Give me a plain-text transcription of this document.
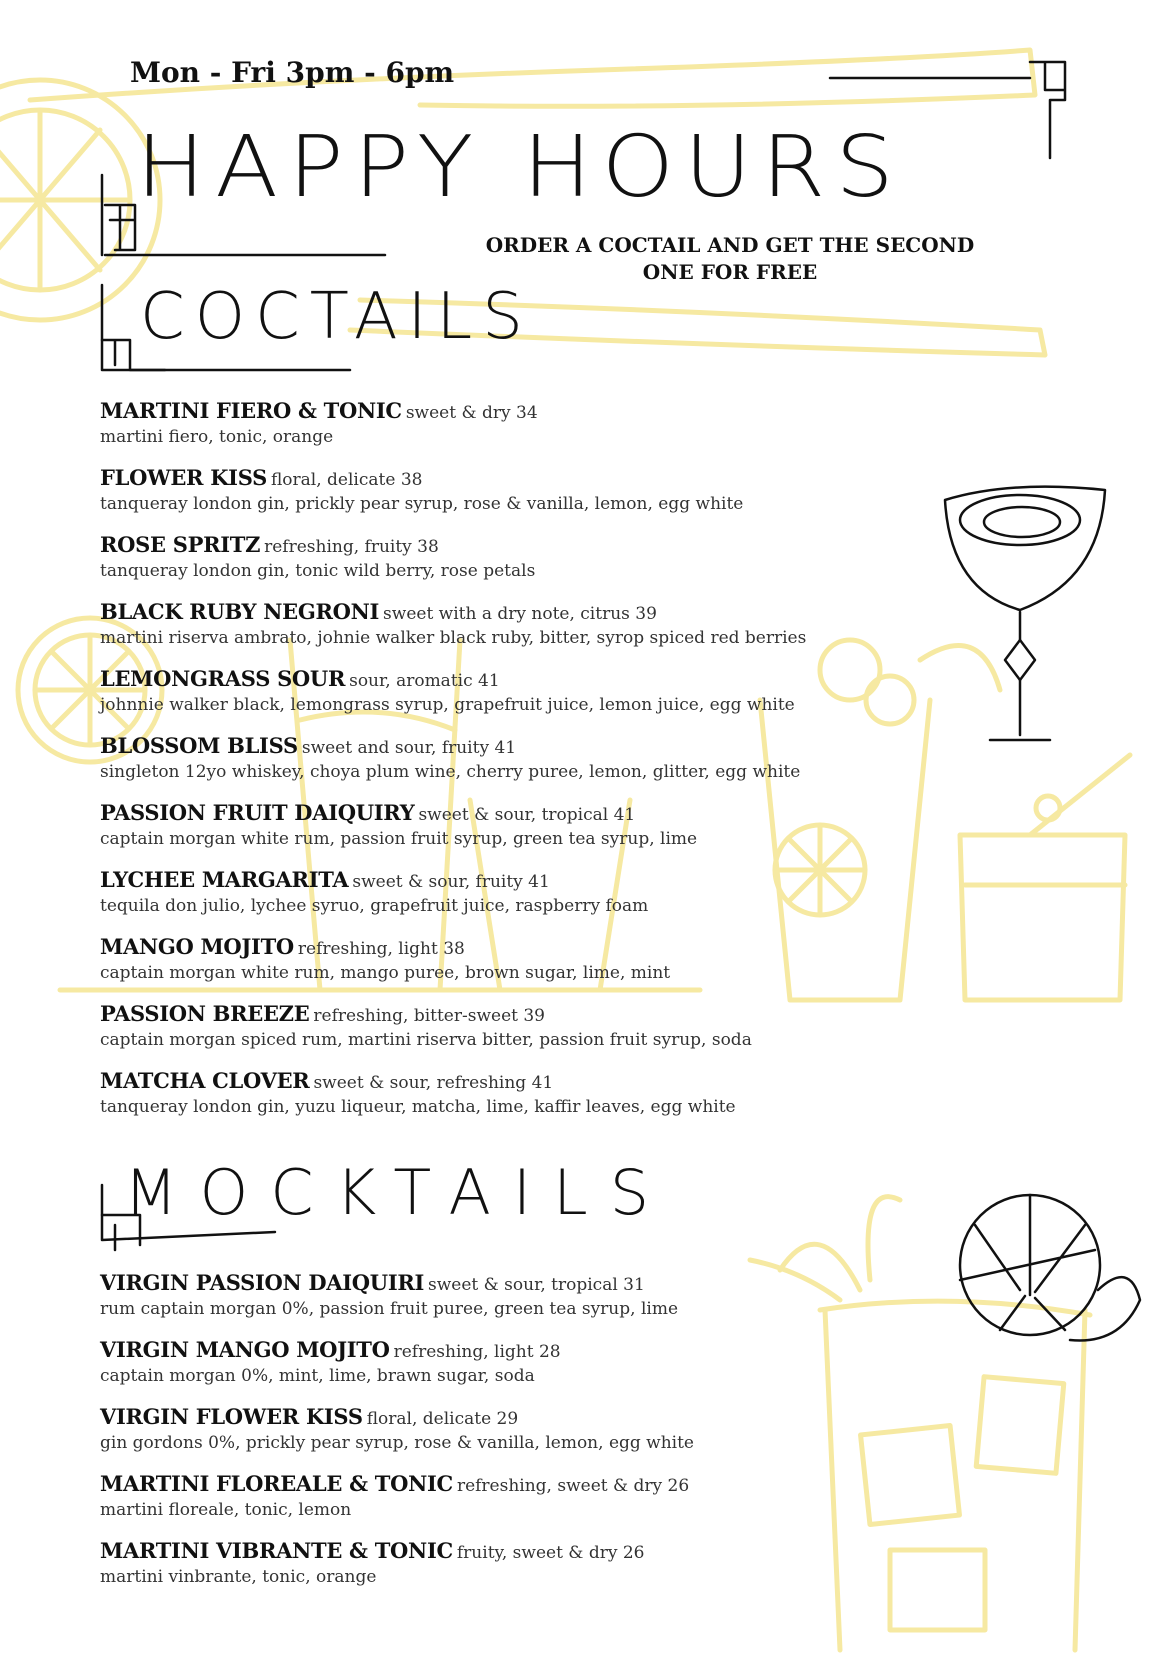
Mon - Fri 3pm - 6pm
HAPPY HOURS
ORDER A COCTAIL AND GET THE SECOND
ONE FOR FREE
COCTAILS
MARTINI FIERO & TONIC sweet & dry 34
martini fiero, tonic, orange
FLOWER KISS floral, delicate 38
tanqueray london gin, prickly pear syrup, rose & vanilla, lemon, egg white
ROSE SPRITZ refreshing, fruity 38
tanqueray london gin, tonic wild berry, rose petals
BLACK RUBY NEGRONI sweet with a dry note, citrus 39
martini riserva ambrato, johnie walker black ruby, bitter, syrop spiced red berries
LEMONGRASS SOUR sour, aromatic 41
johnnie walker black, lemongrass syrup, grapefruit juice, lemon juice, egg white
BLOSSOM BLISS sweet and sour, fruity 41
singleton 12yo whiskey, choya plum wine, cherry puree, lemon, glitter, egg white
PASSION FRUIT DAIQUIRY sweet & sour, tropical 41
captain morgan white rum, passion fruit syrup, green tea syrup, lime
LYCHEE MARGARITA sweet & sour, fruity 41
tequila don julio, lychee syruo, grapefruit juice, raspberry foam
MANGO MOJITO refreshing, light 38
captain morgan white rum, mango puree, brown sugar, lime, mint
PASSION BREEZE refreshing, bitter-sweet 39
captain morgan spiced rum, martini riserva bitter, passion fruit syrup, soda
MATCHA CLOVER sweet & sour, refreshing 41
tanqueray london gin, yuzu liqueur, matcha, lime, kaffir leaves, egg white
MOCKTAILS
VIRGIN PASSION DAIQUIRI sweet & sour, tropical 31
rum captain morgan 0%, passion fruit puree, green tea syrup, lime
VIRGIN MANGO MOJITO refreshing, light 28
captain morgan 0%, mint, lime, brawn sugar, soda
VIRGIN FLOWER KISS floral, delicate 29
gin gordons 0%, prickly pear syrup, rose & vanilla, lemon, egg white
MARTINI FLOREALE & TONIC refreshing, sweet & dry 26
martini floreale, tonic, lemon
MARTINI VIBRANTE & TONIC fruity, sweet & dry 26
martini vinbrante, tonic, orange
